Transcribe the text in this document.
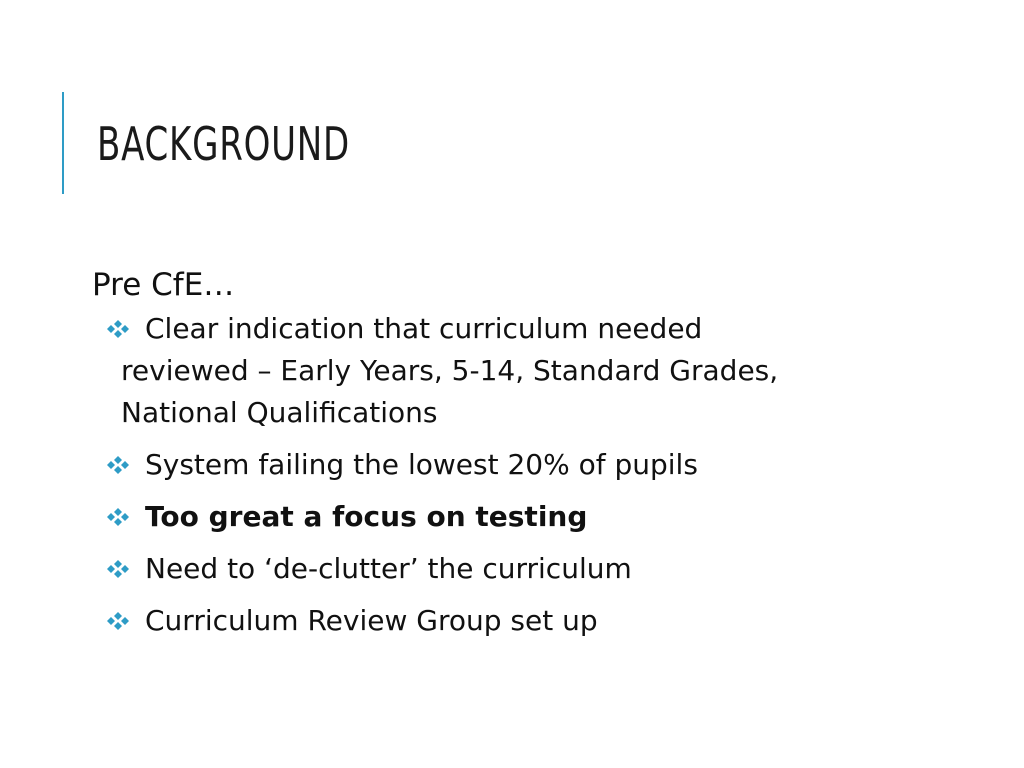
BACKGROUND

Pre CfE…

Clear indication that curriculum needed reviewed – Early Years, 5-14, Standard Grades, National Qualifications
System failing the lowest 20% of pupils
Too great a focus on testing
Need to ‘de-clutter’ the curriculum
Curriculum Review Group set up
